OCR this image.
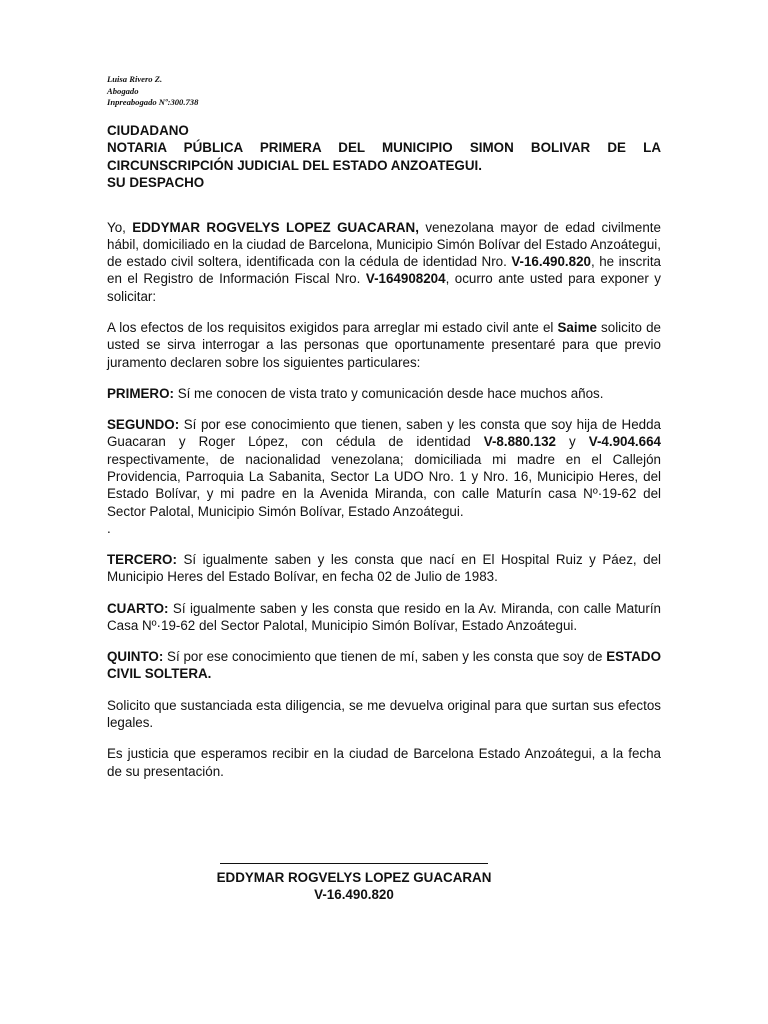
Luisa Rivero Z.
Abogado
Inpreabogado Nº:300.738
CIUDADANO
NOTARIA PÚBLICA PRIMERA DEL MUNICIPIO SIMON BOLIVAR DE LA CIRCUNSCRIPCIÓN JUDICIAL DEL ESTADO ANZOATEGUI.
SU DESPACHO

Yo, EDDYMAR ROGVELYS LOPEZ GUACARAN, venezolana mayor de edad civilmente hábil, domiciliado en la ciudad de Barcelona, Municipio Simón Bolívar del Estado Anzoátegui, de estado civil soltera, identificada con la cédula de identidad Nro. V-16.490.820, he inscrita en el Registro de Información Fiscal Nro. V-164908204, ocurro ante usted para exponer y solicitar:

A los efectos de los requisitos exigidos para arreglar mi estado civil ante el Saime solicito de usted se sirva interrogar a las personas que oportunamente presentaré para que previo juramento declaren sobre los siguientes particulares:

PRIMERO: Sí me conocen de vista trato y comunicación desde hace muchos años.

SEGUNDO: Sí por ese conocimiento que tienen, saben y les consta que soy hija de Hedda Guacaran y Roger López, con cédula de identidad V-8.880.132 y V-4.904.664 respectivamente, de nacionalidad venezolana; domiciliada mi madre en el Callejón Providencia, Parroquia La Sabanita, Sector La UDO Nro. 1 y Nro. 16, Municipio Heres, del Estado Bolívar, y mi padre en la Avenida Miranda, con calle Maturín casa Nº·19-62 del Sector Palotal, Municipio Simón Bolívar, Estado Anzoátegui.

.

TERCERO: Sí igualmente saben y les consta que nací en El Hospital Ruiz y Páez, del Municipio Heres del Estado Bolívar, en fecha 02 de Julio de 1983.

CUARTO: Sí igualmente saben y les consta que resido en la Av. Miranda, con calle Maturín Casa Nº·19-62 del Sector Palotal, Municipio Simón Bolívar, Estado Anzoátegui.

QUINTO: Sí por ese conocimiento que tienen de mí, saben y les consta que soy de ESTADO CIVIL SOLTERA.

Solicito que sustanciada esta diligencia, se me devuelva original para que surtan sus efectos legales.

Es justicia que esperamos recibir en la ciudad de Barcelona Estado Anzoátegui, a la fecha de su presentación.

EDDYMAR ROGVELYS LOPEZ GUACARAN
V-16.490.820
